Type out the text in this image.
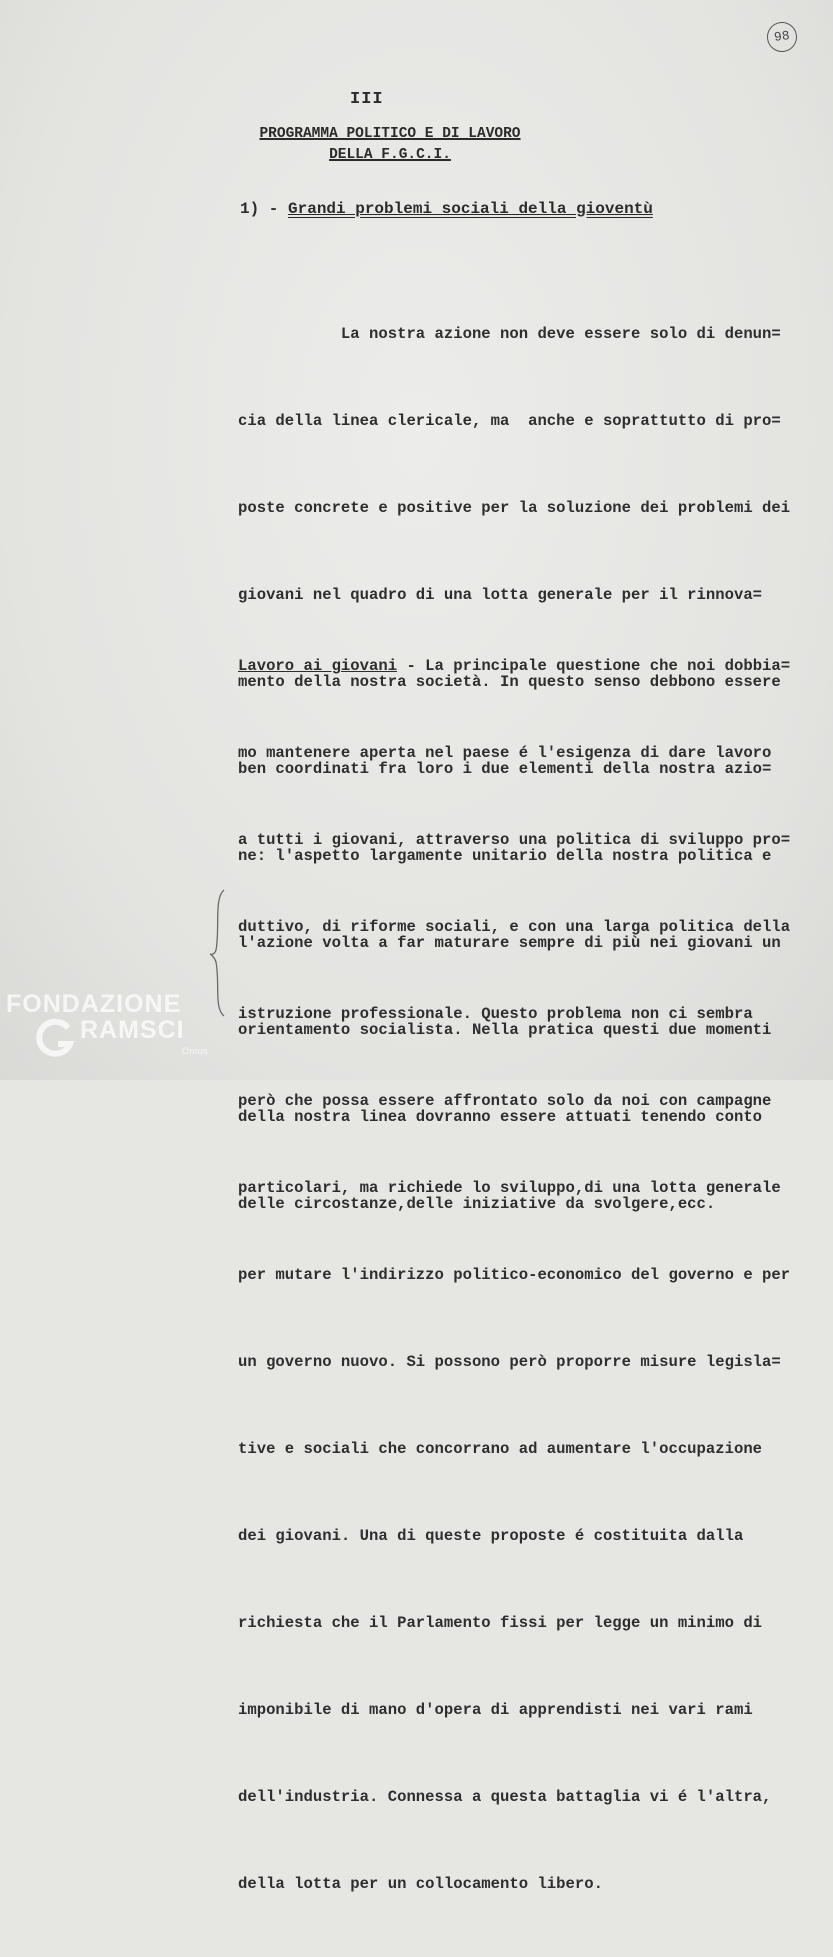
98
III
PROGRAMMA POLITICO E DI LAVORO
DELLA F.G.C.I.
1) - Grandi problemi sociali della gioventù

La nostra azione non deve essere solo di denun=

cia della linea clericale, ma  anche e soprattutto di pro=

poste concrete e positive per la soluzione dei problemi dei

giovani nel quadro di una lotta generale per il rinnova=

mento della nostra società. In questo senso debbono essere

ben coordinati fra loro i due elementi della nostra azio=

ne: l'aspetto largamente unitario della nostra politica e

l'azione volta a far maturare sempre di più nei giovani un

orientamento socialista. Nella pratica questi due momenti

della nostra linea dovranno essere attuati tenendo conto

delle circostanze,delle iniziative da svolgere,ecc.

Lavoro ai giovani - La principale questione che noi dobbia=

mo mantenere aperta nel paese é l'esigenza di dare lavoro

a tutti i giovani, attraverso una politica di sviluppo pro=

duttivo, di riforme sociali, e con una larga politica della

istruzione professionale. Questo problema non ci sembra

però che possa essere affrontato solo da noi con campagne

particolari, ma richiede lo sviluppo,di una lotta generale

per mutare l'indirizzo politico-economico del governo e per

un governo nuovo. Si possono però proporre misure legisla=

tive e sociali che concorrano ad aumentare l'occupazione

dei giovani. Una di queste proposte é costituita dalla

richiesta che il Parlamento fissi per legge un minimo di

imponibile di mano d'opera di apprendisti nei vari rami

dell'industria. Connessa a questa battaglia vi é l'altra,

della lotta per un collocamento libero.

FONDAZIONE
RAMSCI
Onlus
